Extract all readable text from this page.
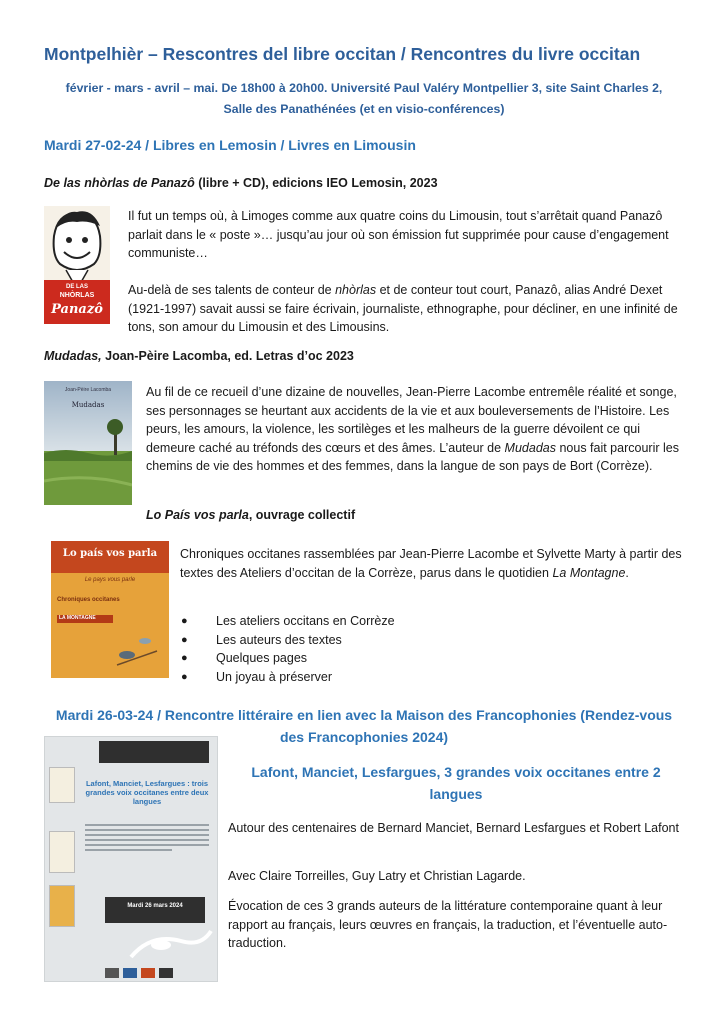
Montpelhièr – Rescontres del libre occitan / Rencontres du livre occitan
février - mars - avril – mai. De 18h00 à 20h00. Université Paul Valéry Montpellier 3, site Saint Charles 2,
Salle des Panathénées (et en visio-conférences)
Mardi 27-02-24 / Libres en Lemosin / Livres en Limousin

De las nhòrlas de Panazô (libre + CD), edicions IEO Lemosin, 2023

DE LAS
NHÒRLAS
Panazô

Il fut un temps où, à Limoges comme aux quatre coins du Limousin, tout s’arrêtait quand Panazô parlait dans le « poste »… jusqu’au jour où son émission fut supprimée pour cause d’engagement communiste…

Au-delà de ses talents de conteur de nhòrlas et de conteur tout court, Panazô, alias André Dexet (1921-1997) savait aussi se faire écrivain, journaliste, ethnographe, pour décliner, en une infinité de tons, son amour du Limousin et des Limousins.

Mudadas, Joan-Pèire Lacomba, ed. Letras d’oc 2023

Joan-Pèire Lacomba
Mudadas

Au fil de ce recueil d’une dizaine de nouvelles, Jean-Pierre Lacombe entremêle réalité et songe, ses personnages se heurtant aux accidents de la vie et aux bouleversements de l’Histoire. Les peurs, les amours, la violence, les sortilèges et les malheurs de la guerre dévoilent ce qui demeure caché au tréfonds des cœurs et des âmes. L’auteur de Mudadas nous fait parcourir les chemins de vie des hommes et des femmes, dans la langue de son pays de Bort (Corrèze).

Lo País vos parla, ouvrage collectif

Lo país vos parla
Le pays vous parle
Chroniques occitanes
LA MONTAGNE

Chroniques occitanes rassemblées par Jean-Pierre Lacombe et Sylvette Marty à partir des textes des Ateliers d’occitan de la Corrèze, parus dans le quotidien La Montagne.

● Les ateliers occitans en Corrèze
● Les auteurs des textes
● Quelques pages
● Un joyau à préserver
Mardi 26-03-24 / Rencontre littéraire en lien avec la Maison des Francophonies (Rendez-vous des Francophonies 2024)
Lafont, Manciet, Lesfargues : trois grandes voix occitanes entre deux langues
Mardi 26 mars 2024
Lafont, Manciet, Lesfargues, 3 grandes voix occitanes entre 2 langues

Autour des centenaires de Bernard Manciet, Bernard Lesfargues et Robert Lafont

Avec Claire Torreilles, Guy Latry et Christian Lagarde.

Évocation de ces 3 grands auteurs de la littérature contemporaine quant à leur rapport au français, leurs œuvres en français, la traduction, et l’éventuelle auto-traduction.
